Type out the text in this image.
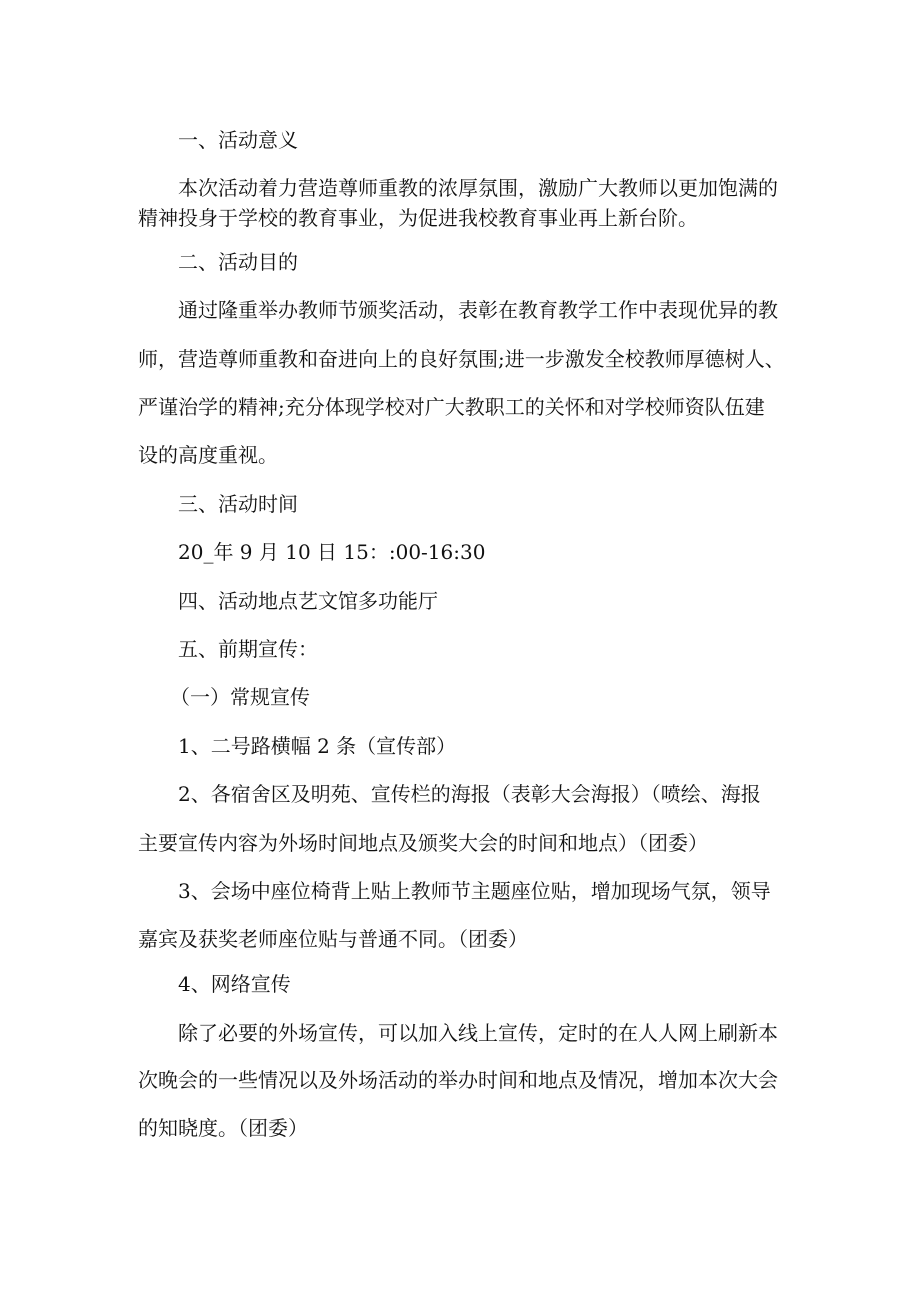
一、活动意义
本次活动着力营造尊师重教的浓厚氛围，激励广大教师以更加饱满的
精神投身于学校的教育事业，为促进我校教育事业再上新台阶。
二、活动目的
通过隆重举办教师节颁奖活动，表彰在教育教学工作中表现优异的教
师，营造尊师重教和奋进向上的良好氛围;进一步激发全校教师厚德树人、
严谨治学的精神;充分体现学校对广大教职工的关怀和对学校师资队伍建
设的高度重视。
三、活动时间
20_年 9 月 10 日 15：:00-16:30
四、活动地点艺文馆多功能厅
五、前期宣传：
（一）常规宣传
1、二号路横幅 2 条（宣传部）
2、各宿舍区及明苑、宣传栏的海报（表彰大会海报）（喷绘、海报
主要宣传内容为外场时间地点及颁奖大会的时间和地点）（团委）
3、会场中座位椅背上贴上教师节主题座位贴，增加现场气氛，领导
嘉宾及获奖老师座位贴与普通不同。（团委）
4、网络宣传
除了必要的外场宣传，可以加入线上宣传，定时的在人人网上刷新本
次晚会的一些情况以及外场活动的举办时间和地点及情况，增加本次大会
的知晓度。（团委）
